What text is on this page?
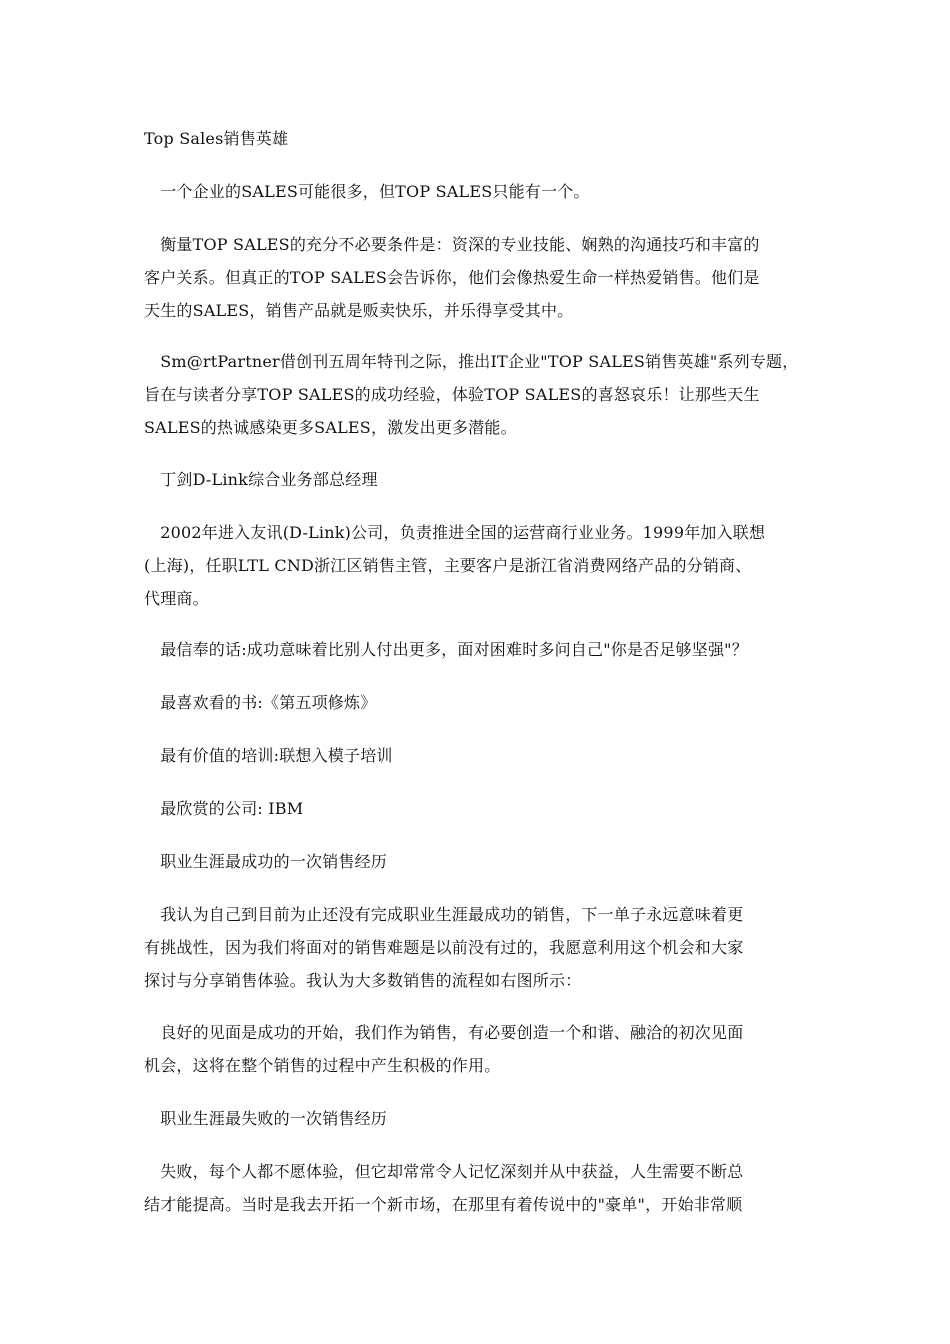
Top Sales销售英雄

　一个企业的SALES可能很多，但TOP SALES只能有一个。
　衡量TOP SALES的充分不必要条件是：资深的专业技能、娴熟的沟通技巧和丰富的
客户关系。但真正的TOP SALES会告诉你，他们会像热爱生命一样热爱销售。他们是
天生的SALES，销售产品就是贩卖快乐，并乐得享受其中。
　Sm@rtPartner借创刊五周年特刊之际，推出IT企业"TOP SALES销售英雄"系列专题，
旨在与读者分享TOP SALES的成功经验，体验TOP SALES的喜怒哀乐！让那些天生
SALES的热诚感染更多SALES，激发出更多潜能。
　丁剑D-Link综合业务部总经理
　2002年进入友讯(D-Link)公司，负责推进全国的运营商行业业务。1999年加入联想
(上海)，任职LTL CND浙江区销售主管，主要客户是浙江省消费网络产品的分销商、
代理商。
　最信奉的话:成功意味着比别人付出更多，面对困难时多问自己"你是否足够坚强"？
　最喜欢看的书:《第五项修炼》
　最有价值的培训:联想入模子培训
　最欣赏的公司: IBM
　职业生涯最成功的一次销售经历
　我认为自己到目前为止还没有完成职业生涯最成功的销售，下一单子永远意味着更
有挑战性，因为我们将面对的销售难题是以前没有过的，我愿意利用这个机会和大家
探讨与分享销售体验。我认为大多数销售的流程如右图所示：
　良好的见面是成功的开始，我们作为销售，有必要创造一个和谐、融洽的初次见面
机会，这将在整个销售的过程中产生积极的作用。
　职业生涯最失败的一次销售经历
　失败，每个人都不愿体验，但它却常常令人记忆深刻并从中获益，人生需要不断总
结才能提高。当时是我去开拓一个新市场，在那里有着传说中的"豪单"，开始非常顺
